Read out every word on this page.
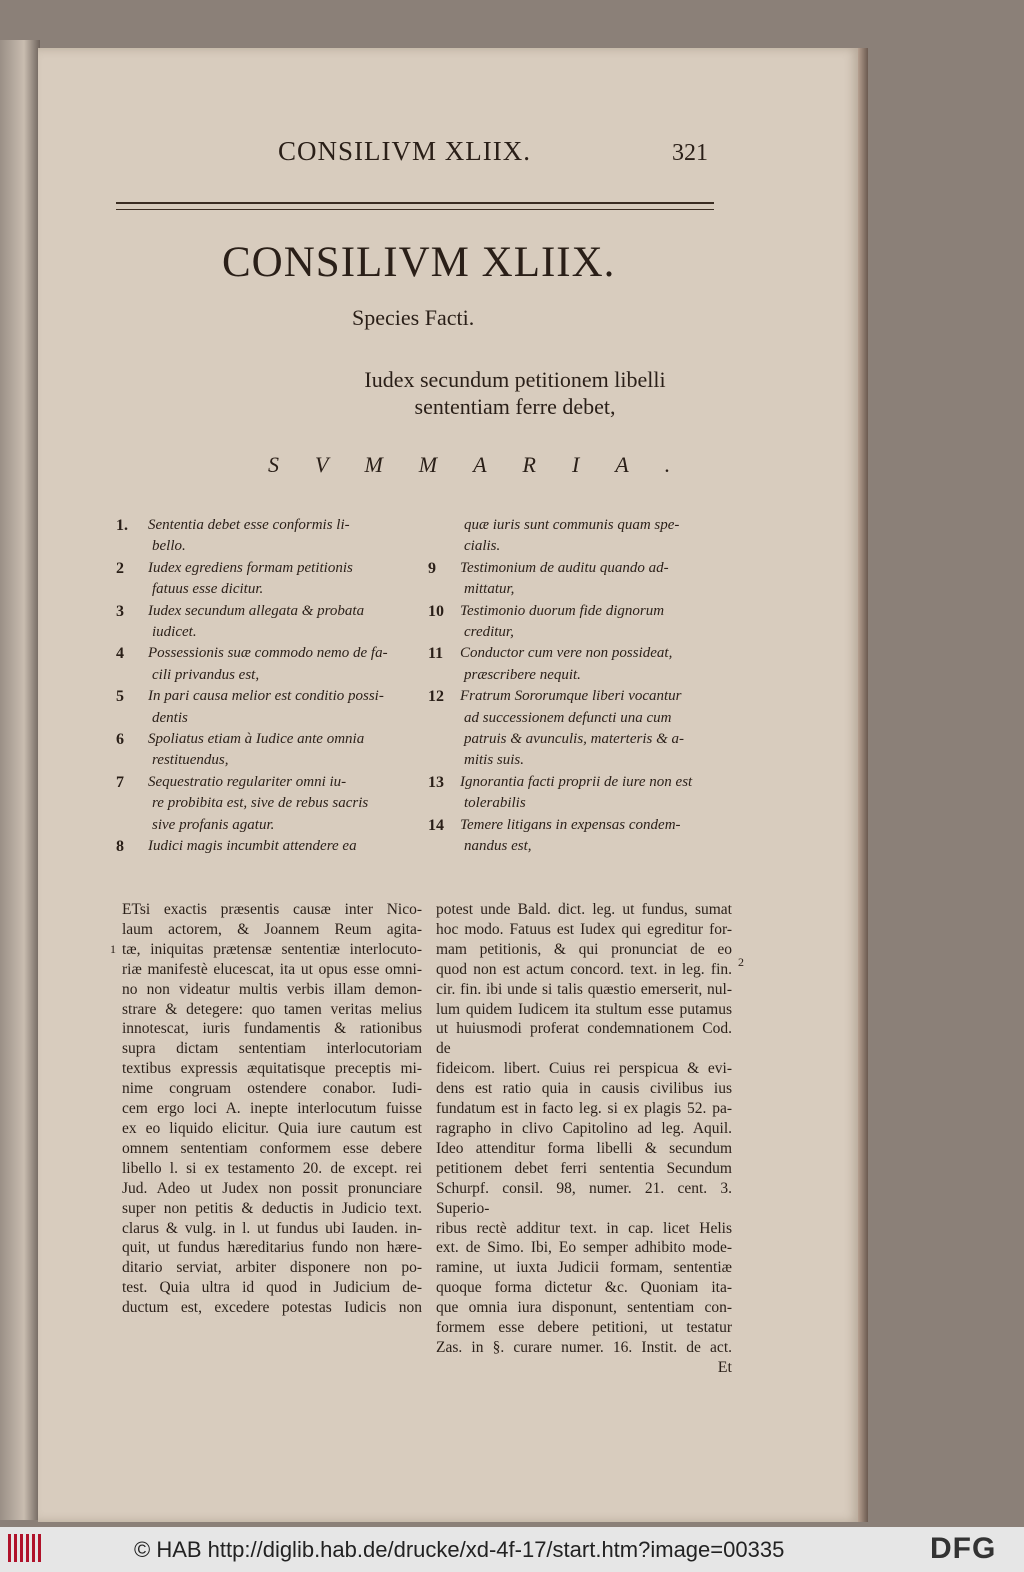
CONSILIVM XLIIX.	321
CONSILIVM XLIIX.
Species Facti.
Iudex secundum petitionem libelli sententiam ferre debet,
SVMMARIA.
1.	Sententia debet esse conformis li-
bello.
2	Iudex egrediens formam petitionis
fatuus esse dicitur.
3	Iudex secundum allegata & probata
iudicet.
4	Possessionis suæ commodo nemo de fa-
cili privandus est,
5	In pari causa melior est conditio possi-
dentis
6	Spoliatus etiam à Iudice ante omnia
restituendus,
7	Sequestratio regulariter omni iu-
re probibita est, sive de rebus sacris
sive profanis agatur.
8	Iudici magis incumbit attendere ea
quæ iuris sunt communis quam spe-
cialis.
9	Testimonium de auditu quando ad-
mittatur,
10	Testimonio duorum fide dignorum
creditur,
11	Conductor cum vere non possideat,
præscribere nequit.
12	Fratrum Sororumque liberi vocantur
ad successionem defuncti una cum
patruis & avunculis, materteris & a-
mitis suis.
13	Ignorantia facti proprii de iure non est
tolerabilis
14	Temere litigans in expensas condem-
nandus est,
ETsi exactis præsentis causæ inter Nico-
laum actorem, & Joannem Reum agita-
tæ, iniquitas prætensæ sententiæ interlocuto-
riæ manifestè elucescat, ita ut opus esse omni-
no non videatur multis verbis illam demon-
strare & detegere: quo tamen veritas melius
innotescat, iuris fundamentis & rationibus
supra dictam sententiam interlocutoriam
textibus expressis æquitatisque preceptis mi-
nime congruam ostendere conabor. Iudi-
cem ergo loci A. inepte interlocutum fuisse
ex eo liquido elicitur. Quia iure cautum est
omnem sententiam conformem esse debere
libello l. si ex testamento 20. de except. rei
Jud. Adeo ut Judex non possit pronunciare
super non petitis & deductis in Judicio text.
clarus & vulg. in l. ut fundus ubi Iauden. in-
quit, ut fundus hæreditarius fundo non hære-
ditario serviat, arbiter disponere non po-
test. Quia ultra id quod in Judicium de-
ductum est, excedere potestas Iudicis non
potest unde Bald. dict. leg. ut fundus, sumat
hoc modo. Fatuus est Iudex qui egreditur for-
mam petitionis, & qui pronunciat de eo
quod non est actum concord. text. in leg. fin.
cir. fin. ibi unde si talis quæstio emerserit, nul-
lum quidem Iudicem ita stultum esse putamus
ut huiusmodi proferat condemnationem Cod. de
fideicom. libert. Cuius rei perspicua & evi-
dens est ratio quia in causis civilibus ius
fundatum est in facto leg. si ex plagis 52. pa-
ragrapho in clivo Capitolino ad leg. Aquil.
Ideo attenditur forma libelli & secundum
petitionem debet ferri sententia Secundum
Schurpf. consil. 98, numer. 21. cent. 3. Superio-
ribus rectè additur text. in cap. licet Helis
ext. de Simo. Ibi, Eo semper adhibito mode-
ramine, ut iuxta Judicii formam, sententiæ
quoque forma dictetur &c. Quoniam ita-
que omnia iura disponunt, sententiam con-
formem esse debere petitioni, ut testatur
Zas. in §. curare numer. 16. Instit. de act.
Et
1
2
© HAB http://diglib.hab.de/drucke/xd-4f-17/start.htm?image=00335	DFG
